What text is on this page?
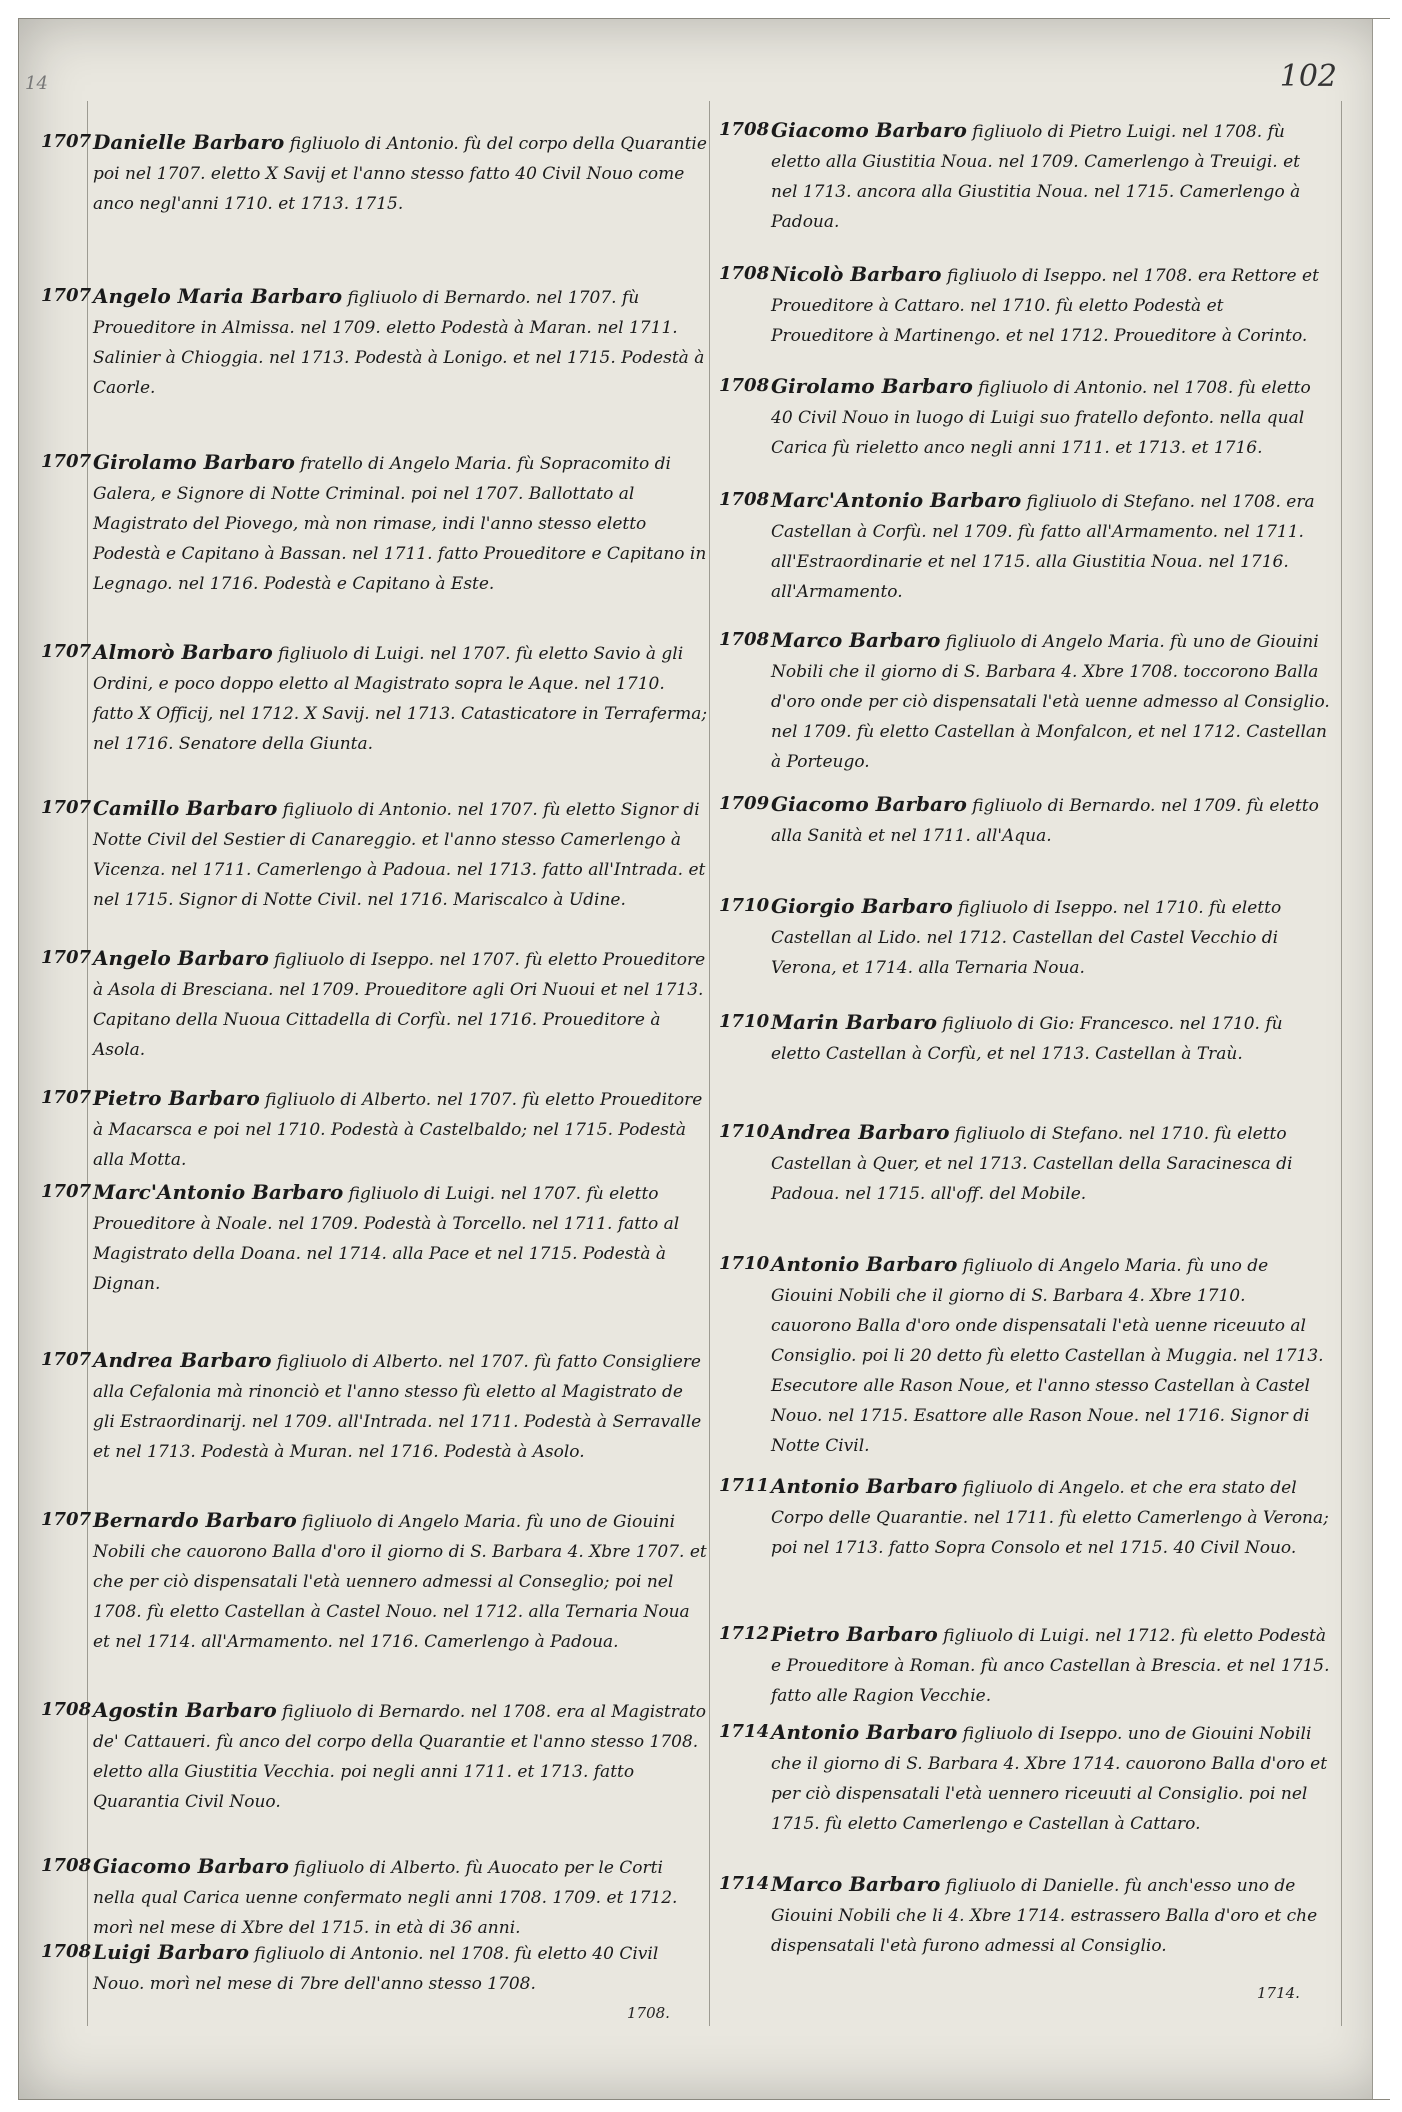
102
14
1707 Danielle Barbaro figliuolo di Antonio. fù del corpo della Quarantie poi nel 1707. eletto X Savij et l'anno stesso fatto 40 Civil Nouo come anco negl'anni 1710. et 1713. 1715.
1707 Angelo Maria Barbaro figliuolo di Bernardo. nel 1707. fù Proueditore in Almissa. nel 1709. eletto Podestà à Maran. nel 1711. Salinier à Chioggia. nel 1713. Podestà à Lonigo. et nel 1715. Podestà à Caorle.
1707 Girolamo Barbaro fratello di Angelo Maria. fù Sopracomito di Galera, e Signore di Notte Criminal. poi nel 1707. Ballottato al Magistrato del Piovego, mà non rimase, indi l'anno stesso eletto Podestà e Capitano à Bassan. nel 1711. fatto Proueditore e Capitano in Legnago. nel 1716. Podestà e Capitano à Este.
1707 Almorò Barbaro figliuolo di Luigi. nel 1707. fù eletto Savio à gli Ordini, e poco doppo eletto al Magistrato sopra le Aque. nel 1710. fatto X Officij, nel 1712. X Savij. nel 1713. Catasticatore in Terraferma; nel 1716. Senatore della Giunta.
1707 Camillo Barbaro figliuolo di Antonio. nel 1707. fù eletto Signor di Notte Civil del Sestier di Canareggio. et l'anno stesso Camerlengo à Vicenza. nel 1711. Camerlengo à Padoua. nel 1713. fatto all'Intrada. et nel 1715. Signor di Notte Civil. nel 1716. Mariscalco à Udine.
1707 Angelo Barbaro figliuolo di Iseppo. nel 1707. fù eletto Proueditore à Asola di Bresciana. nel 1709. Proueditore agli Ori Nuoui et nel 1713. Capitano della Nuoua Cittadella di Corfù. nel 1716. Proueditore à Asola.
1707 Pietro Barbaro figliuolo di Alberto. nel 1707. fù eletto Proueditore à Macarsca e poi nel 1710. Podestà à Castelbaldo; nel 1715. Podestà alla Motta.
1707 Marc'Antonio Barbaro figliuolo di Luigi. nel 1707. fù eletto Proueditore à Noale. nel 1709. Podestà à Torcello. nel 1711. fatto al Magistrato della Doana. nel 1714. alla Pace et nel 1715. Podestà à Dignan.
1707 Andrea Barbaro figliuolo di Alberto. nel 1707. fù fatto Consigliere alla Cefalonia mà rinonciò et l'anno stesso fù eletto al Magistrato de gli Estraordinarij. nel 1709. all'Intrada. nel 1711. Podestà à Serravalle et nel 1713. Podestà à Muran. nel 1716. Podestà à Asolo.
1707 Bernardo Barbaro figliuolo di Angelo Maria. fù uno de Giouini Nobili che cauorono Balla d'oro il giorno di S. Barbara 4. Xbre 1707. et che per ciò dispensatali l'età uennero admessi al Conseglio; poi nel 1708. fù eletto Castellan à Castel Nouo. nel 1712. alla Ternaria Noua et nel 1714. all'Armamento. nel 1716. Camerlengo à Padoua.
1708 Agostin Barbaro figliuolo di Bernardo. nel 1708. era al Magistrato de' Cattaueri. fù anco del corpo della Quarantie et l'anno stesso 1708. eletto alla Giustitia Vecchia. poi negli anni 1711. et 1713. fatto Quarantia Civil Nouo.
1708 Giacomo Barbaro figliuolo di Alberto. fù Auocato per le Corti nella qual Carica uenne confermato negli anni 1708. 1709. et 1712. morì nel mese di Xbre del 1715. in età di 36 anni.
1708 Luigi Barbaro figliuolo di Antonio. nel 1708. fù eletto 40 Civil Nouo. morì nel mese di 7bre dell'anno stesso 1708.
1708 Giacomo Barbaro figliuolo di Pietro Luigi. nel 1708. fù eletto alla Giustitia Noua. nel 1709. Camerlengo à Treuigi. et nel 1713. ancora alla Giustitia Noua. nel 1715. Camerlengo à Padoua.
1708 Nicolò Barbaro figliuolo di Iseppo. nel 1708. era Rettore et Proueditore à Cattaro. nel 1710. fù eletto Podestà et Proueditore à Martinengo. et nel 1712. Proueditore à Corinto.
1708 Girolamo Barbaro figliuolo di Antonio. nel 1708. fù eletto 40 Civil Nouo in luogo di Luigi suo fratello defonto. nella qual Carica fù rieletto anco negli anni 1711. et 1713. et 1716.
1708 Marc'Antonio Barbaro figliuolo di Stefano. nel 1708. era Castellan à Corfù. nel 1709. fù fatto all'Armamento. nel 1711. all'Estraordinarie et nel 1715. alla Giustitia Noua. nel 1716. all'Armamento.
1708 Marco Barbaro figliuolo di Angelo Maria. fù uno de Giouini Nobili che il giorno di S. Barbara 4. Xbre 1708. toccorono Balla d'oro onde per ciò dispensatali l'età uenne admesso al Consiglio. nel 1709. fù eletto Castellan à Monfalcon, et nel 1712. Castellan à Porteugo.
1709 Giacomo Barbaro figliuolo di Bernardo. nel 1709. fù eletto alla Sanità et nel 1711. all'Aqua.
1710 Giorgio Barbaro figliuolo di Iseppo. nel 1710. fù eletto Castellan al Lido. nel 1712. Castellan del Castel Vecchio di Verona, et 1714. alla Ternaria Noua.
1710 Marin Barbaro figliuolo di Gio: Francesco. nel 1710. fù eletto Castellan à Corfù, et nel 1713. Castellan à Traù.
1710 Andrea Barbaro figliuolo di Stefano. nel 1710. fù eletto Castellan à Quer, et nel 1713. Castellan della Saracinesca di Padoua. nel 1715. all'off. del Mobile.
1710 Antonio Barbaro figliuolo di Angelo Maria. fù uno de Giouini Nobili che il giorno di S. Barbara 4. Xbre 1710. cauorono Balla d'oro onde dispensatali l'età uenne riceuuto al Consiglio. poi li 20 detto fù eletto Castellan à Muggia. nel 1713. Esecutore alle Rason Noue, et l'anno stesso Castellan à Castel Nouo. nel 1715. Esattore alle Rason Noue. nel 1716. Signor di Notte Civil.
1711 Antonio Barbaro figliuolo di Angelo. et che era stato del Corpo delle Quarantie. nel 1711. fù eletto Camerlengo à Verona; poi nel 1713. fatto Sopra Consolo et nel 1715. 40 Civil Nouo.
1712 Pietro Barbaro figliuolo di Luigi. nel 1712. fù eletto Podestà e Proueditore à Roman. fù anco Castellan à Brescia. et nel 1715. fatto alle Ragion Vecchie.
1714 Antonio Barbaro figliuolo di Iseppo. uno de Giouini Nobili che il giorno di S. Barbara 4. Xbre 1714. cauorono Balla d'oro et per ciò dispensatali l'età uennero riceuuti al Consiglio. poi nel 1715. fù eletto Camerlengo e Castellan à Cattaro.
1714 Marco Barbaro figliuolo di Danielle. fù anch'esso uno de Giouini Nobili che li 4. Xbre 1714. estrassero Balla d'oro et che dispensatali l'età furono admessi al Consiglio.
1708.
1714.
